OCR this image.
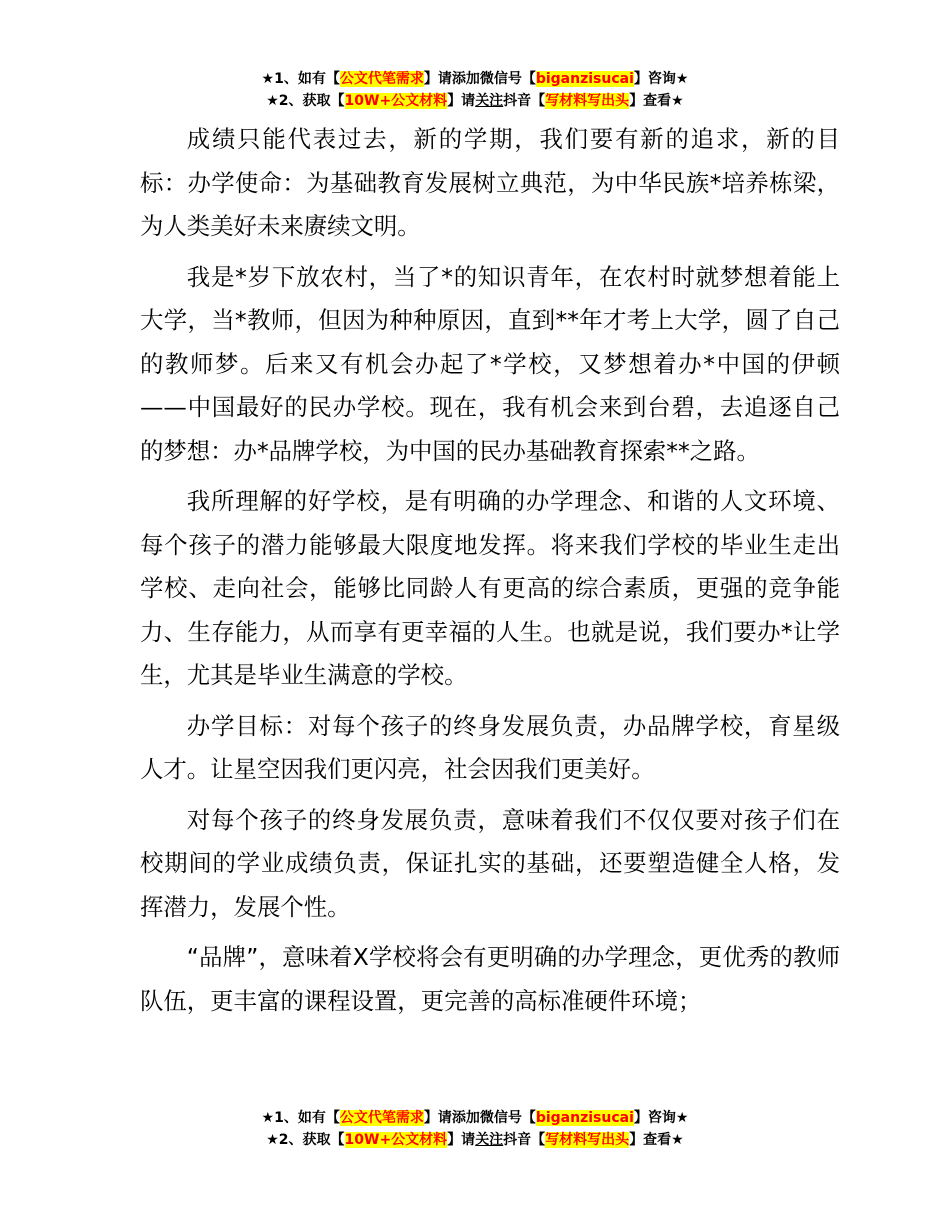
★1、如有【公文代笔需求】请添加微信号【biganzisucai】咨询★
★2、获取【10W+公文材料】请关注抖音【写材料写出头】查看★

成绩只能代表过去，新的学期，我们要有新的追求，新的目标：办学使命：为基础教育发展树立典范，为中华民族*培养栋梁，为人类美好未来赓续文明。

我是*岁下放农村，当了*的知识青年，在农村时就梦想着能上大学，当*教师，但因为种种原因，直到**年才考上大学，圆了自己的教师梦。后来又有机会办起了*学校，又梦想着办*中国的伊顿——中国最好的民办学校。现在，我有机会来到台碧，去追逐自己的梦想：办*品牌学校，为中国的民办基础教育探索**之路。

我所理解的好学校，是有明确的办学理念、和谐的人文环境、每个孩子的潜力能够最大限度地发挥。将来我们学校的毕业生走出学校、走向社会，能够比同龄人有更高的综合素质，更强的竞争能力、生存能力，从而享有更幸福的人生。也就是说，我们要办*让学生，尤其是毕业生满意的学校。

办学目标：对每个孩子的终身发展负责，办品牌学校，育星级人才。让星空因我们更闪亮，社会因我们更美好。

对每个孩子的终身发展负责，意味着我们不仅仅要对孩子们在校期间的学业成绩负责，保证扎实的基础，还要塑造健全人格，发挥潜力，发展个性。

“品牌”，意味着X学校将会有更明确的办学理念，更优秀的教师队伍，更丰富的课程设置，更完善的高标准硬件环境；

★1、如有【公文代笔需求】请添加微信号【biganzisucai】咨询★
★2、获取【10W+公文材料】请关注抖音【写材料写出头】查看★
